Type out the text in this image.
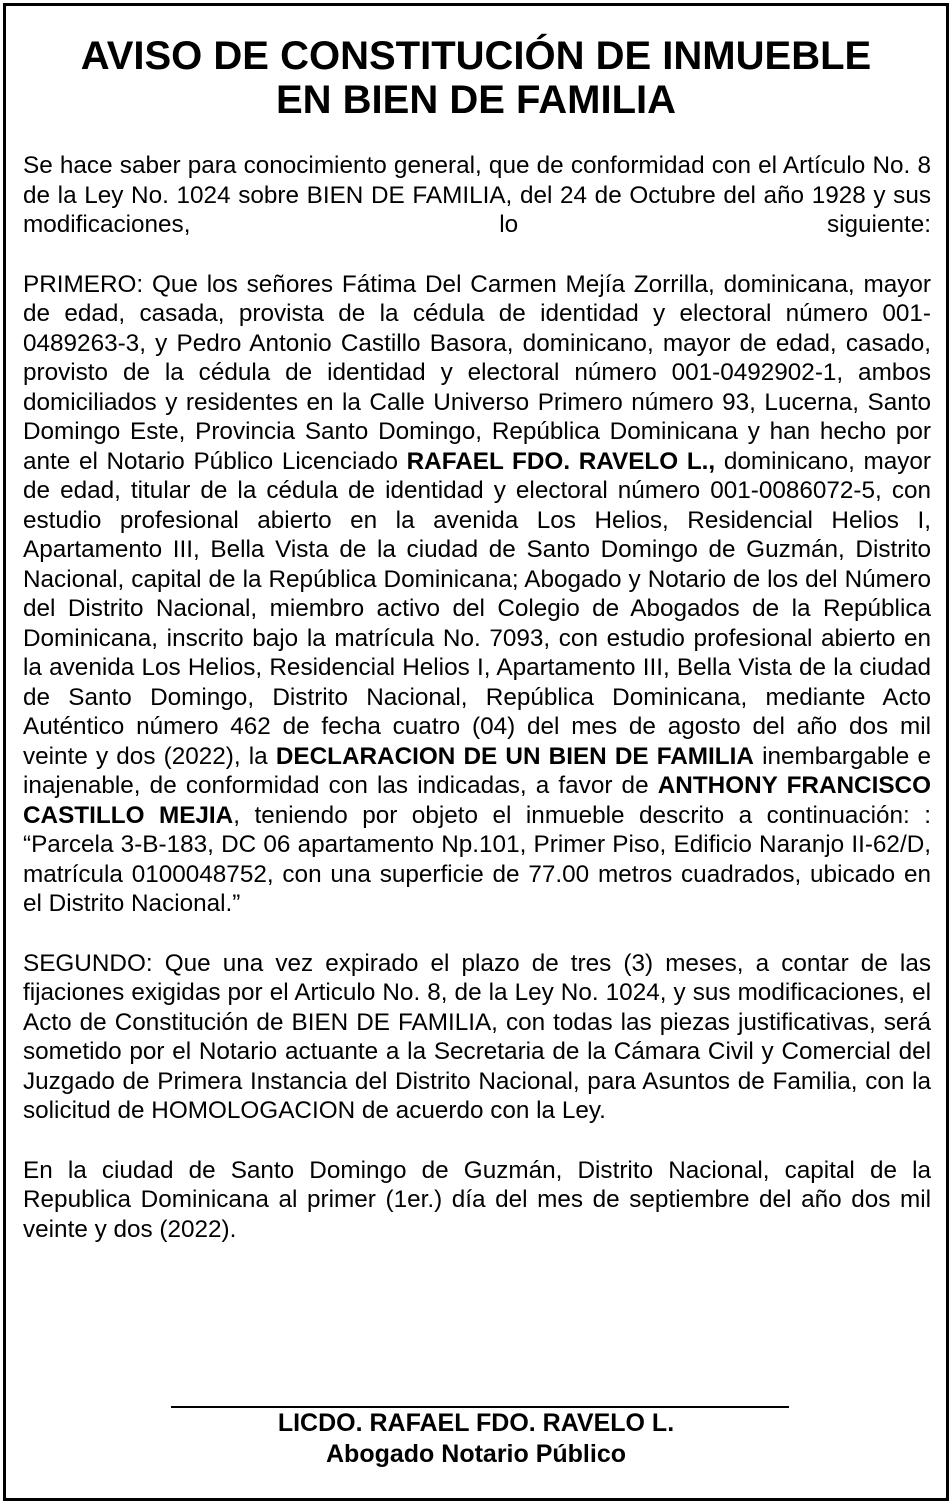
AVISO DE CONSTITUCIÓN DE INMUEBLE
EN BIEN DE FAMILIA

Se hace saber para conocimiento general, que de conformidad con el Artículo No. 8 de la Ley No. 1024 sobre BIEN DE FAMILIA, del 24 de Octubre del año 1928 y sus modificaciones, lo siguiente:

PRIMERO: Que los señores Fátima Del Carmen Mejía Zorrilla, dominicana, mayor de edad, casada, provista de la cédula de identidad y electoral número 001-0489263-3, y Pedro Antonio Castillo Basora, dominicano, mayor de edad, casado, provisto de la cédula de identidad y electoral número 001-0492902-1, ambos domiciliados y residentes en la Calle Universo Primero número 93, Lucerna, Santo Domingo Este, Provincia Santo Domingo, República Dominicana y han hecho por ante el Notario Público Licenciado RAFAEL FDO. RAVELO L., dominicano, mayor de edad, titular de la cédula de identidad y electoral número 001-0086072-5, con estudio profesional abierto en la avenida Los Helios, Residencial Helios I, Apartamento III, Bella Vista de la ciudad de Santo Domingo de Guzmán, Distrito Nacional, capital de la República Dominicana; Abogado y Notario de los del Número del Distrito Nacional, miembro activo del Colegio de Abogados de la República Dominicana, inscrito bajo la matrícula No. 7093, con estudio profesional abierto en la avenida Los Helios, Residencial Helios I, Apartamento III, Bella Vista de la ciudad de Santo Domingo, Distrito Nacional, República Dominicana, mediante Acto Auténtico número 462 de fecha cuatro (04) del mes de agosto del año dos mil veinte y dos (2022), la DECLARACION DE UN BIEN DE FAMILIA inembargable e inajenable, de conformidad con las indicadas, a favor de ANTHONY FRANCISCO CASTILLO MEJIA, teniendo por objeto el inmueble descrito a continuación: : “Parcela 3-B-183, DC 06 apartamento Np.101, Primer Piso, Edificio Naranjo II-62/D, matrícula 0100048752, con una superficie de 77.00 metros cuadrados, ubicado en el Distrito Nacional.”

SEGUNDO: Que una vez expirado el plazo de tres (3) meses, a contar de las fijaciones exigidas por el Articulo No. 8, de la Ley No. 1024, y sus modificaciones, el Acto de Constitución de BIEN DE FAMILIA, con todas las piezas justificativas, será sometido por el Notario actuante a la Secretaria de la Cámara Civil y Comercial del Juzgado de Primera Instancia del Distrito Nacional, para Asuntos de Familia, con la solicitud de HOMOLOGACION de acuerdo con la Ley.

En la ciudad de Santo Domingo de Guzmán, Distrito Nacional, capital de la Republica Dominicana al primer (1er.) día del mes de septiembre del año dos mil veinte y dos (2022).

LICDO. RAFAEL FDO. RAVELO L.
Abogado Notario Público
